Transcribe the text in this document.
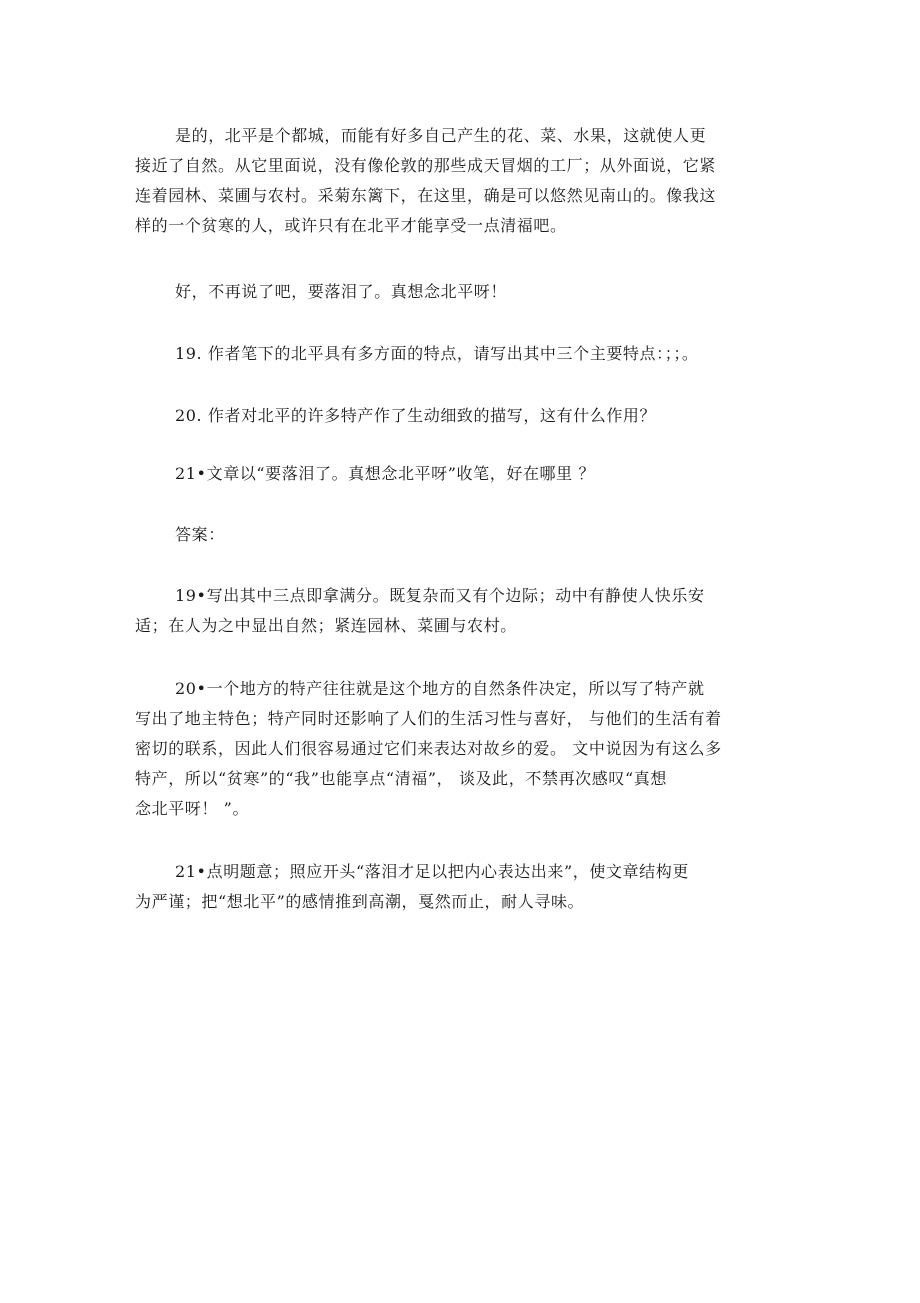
是的，北平是个都城，而能有好多自己产生的花、菜、水果，这就使人更
接近了自然。从它里面说，没有像伦敦的那些成天冒烟的工厂；从外面说，它紧
连着园林、菜圃与农村。采菊东篱下，在这里，确是可以悠然见南山的。像我这
样的一个贫寒的人，或许只有在北平才能享受一点清福吧。
好，不再说了吧，要落泪了。真想念北平呀！
19. 作者笔下的北平具有多方面的特点，请写出其中三个主要特点：；；。
20. 作者对北平的许多特产作了生动细致的描写，这有什么作用？
21•文章以“要落泪了。真想念北平呀”收笔，好在哪里 ？
答案：
19•写出其中三点即拿满分。既复杂而又有个边际；动中有静使人快乐安
适；在人为之中显出自然；紧连园林、菜圃与农村。
20•一个地方的特产往往就是这个地方的自然条件决定，所以写了特产就
写出了地主特色；特产同时还影响了人们的生活习性与喜好， 与他们的生活有着
密切的联系，因此人们很容易通过它们来表达对故乡的爱。 文中说因为有这么多
特产，所以“贫寒”的“我”也能享点“清福”， 谈及此，不禁再次感叹“真想
念北平呀！ ”。
21•点明题意；照应开头“落泪才足以把内心表达出来”，使文章结构更
为严谨；把“想北平”的感情推到高潮，戛然而止，耐人寻味。
